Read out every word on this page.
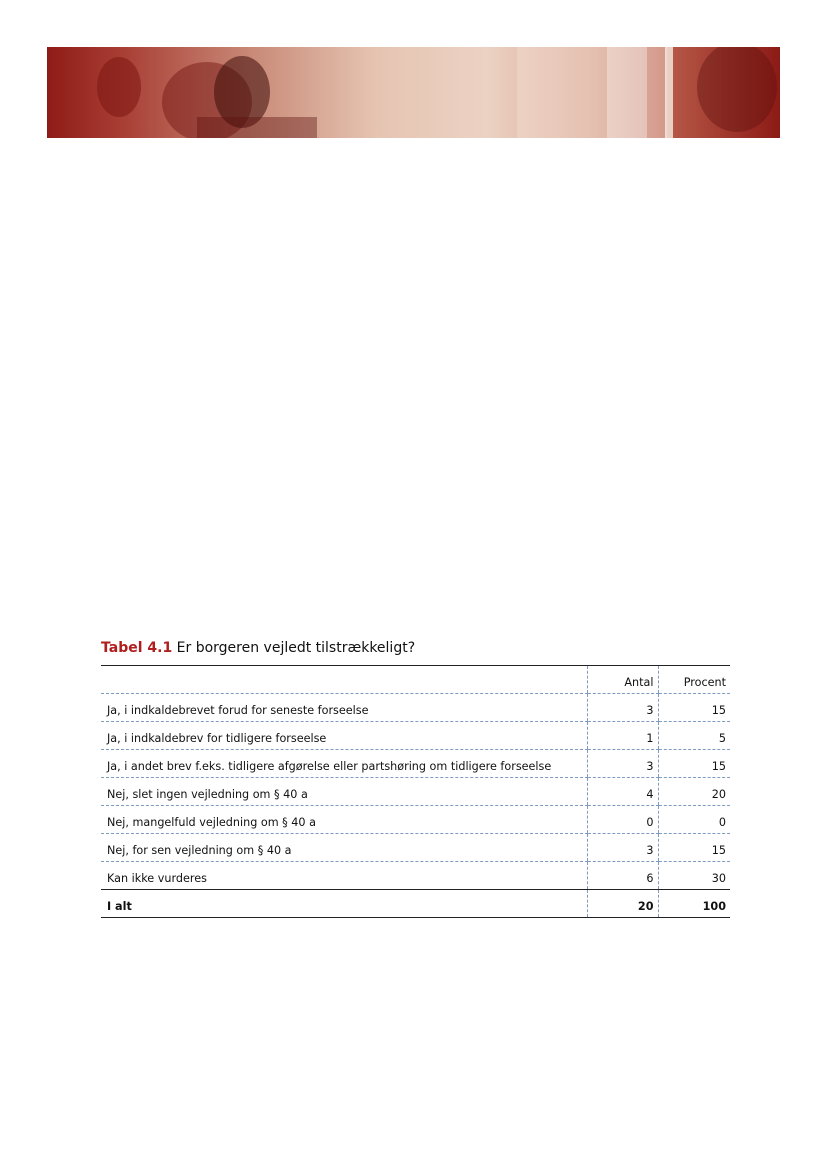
Tabel 4.1 Er borgeren vejledt tilstrækkeligt?
	Antal	Procent
Ja, i indkaldebrevet forud for seneste forseelse	3	15
Ja, i indkaldebrev for tidligere forseelse	1	5
Ja, i andet brev f.eks. tidligere afgørelse eller partshøring om tidligere forseelse	3	15
Nej, slet ingen vejledning om § 40 a	4	20
Nej, mangelfuld vejledning om § 40 a	0	0
Nej, for sen vejledning om § 40 a	3	15
Kan ikke vurderes	6	30
I alt	20	100
